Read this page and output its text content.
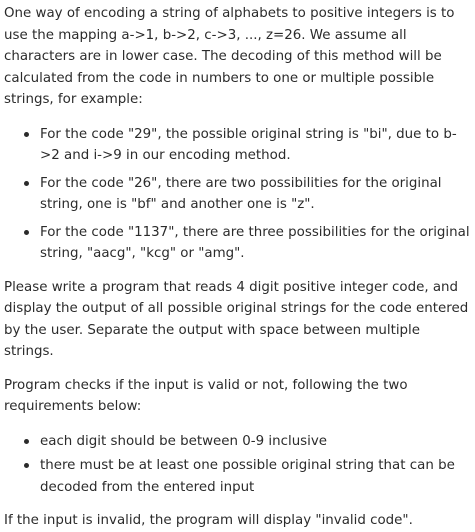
One way of encoding a string of alphabets to positive integers is to use the mapping a->1, b->2, c->3, ..., z=26. We assume all characters are in lower case. The decoding of this method will be calculated from the code in numbers to one or multiple possible strings, for example:

For the code "29", the possible original string is "bi", due to b->2 and i->9 in our encoding method.
For the code "26", there are two possibilities for the original string, one is "bf" and another one is "z".
For the code "1137", there are three possibilities for the original string, "aacg", "kcg" or "amg".

Please write a program that reads 4 digit positive integer code, and display the output of all possible original strings for the code entered by the user. Separate the output with space between multiple strings.

Program checks if the input is valid or not, following the two requirements below:

each digit should be between 0-9 inclusive
there must be at least one possible original string that can be decoded from the entered input

If the input is invalid, the program will display "invalid code".
